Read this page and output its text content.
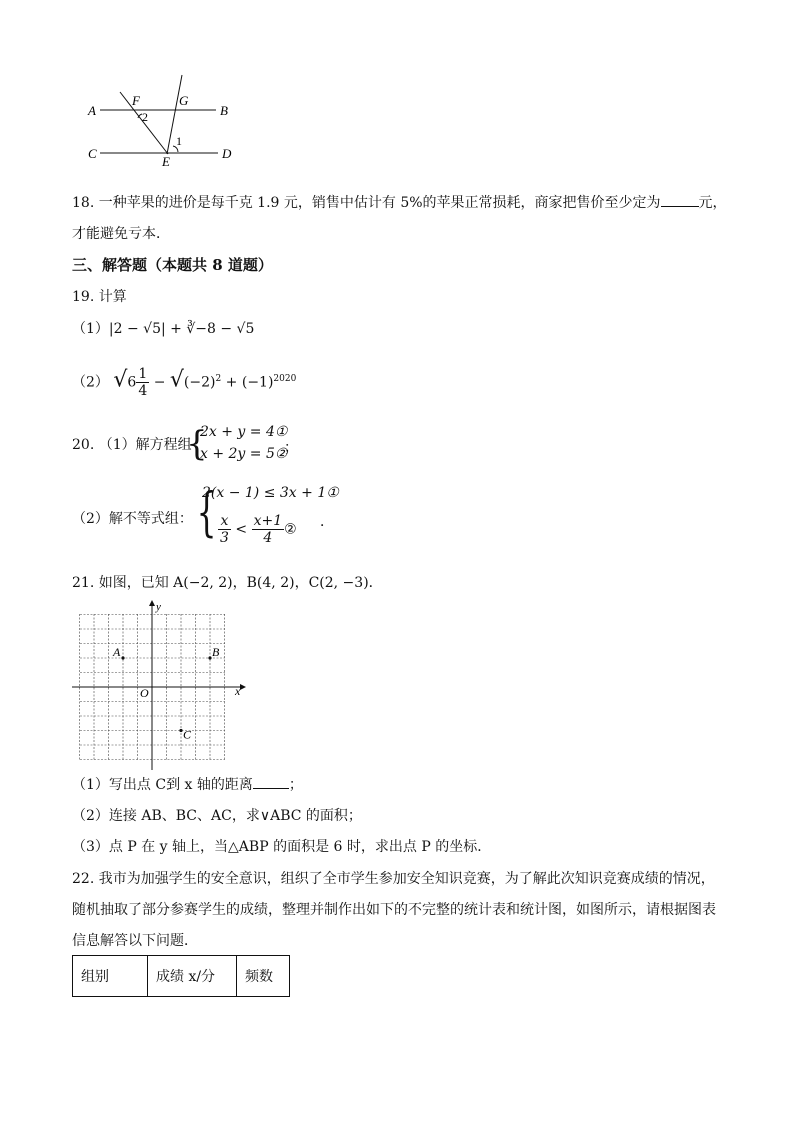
A	B
C	D
E
F	G
1
2
18. 一种苹果的进价是每千克 1.9 元，销售中估计有 5%的苹果正常损耗，商家把售价至少定为	元，
才能避免亏本．
三、解答题（本题共 8 道题）
19. 计算
（1）|2 − √5| + ∛−8 − √5
（2） $√6 \frac{1}{4} - √(-2)^2 + (-1)^{2020}$
20. （1）解方程组
{
2x + y = 4①
x + 2y = 5②
；
（2）解不等式组： {
2(x − 1) ≤ 3x + 1①
$\frac{x}{3} < \frac{x+1}{4}$ ② ．
21. 如图，已知 A(−2, 2)，B(4, 2)，C(2, −3)．
x
y
O
A	B
C
（1）写出点 C到 x 轴的距离	；
（2）连接 AB、BC、AC，求∨ABC 的面积；
（3）点 P 在 y 轴上，当△ABP 的面积是 6 时，求出点 P 的坐标．
22. 我市为加强学生的安全意识，组织了全市学生参加安全知识竞赛，为了解此次知识竞赛成绩的情况，
随机抽取了部分参赛学生的成绩，整理并制作出如下的不完整的统计表和统计图，如图所示，请根据图表
信息解答以下问题．
组别	成绩 x/分	频数
